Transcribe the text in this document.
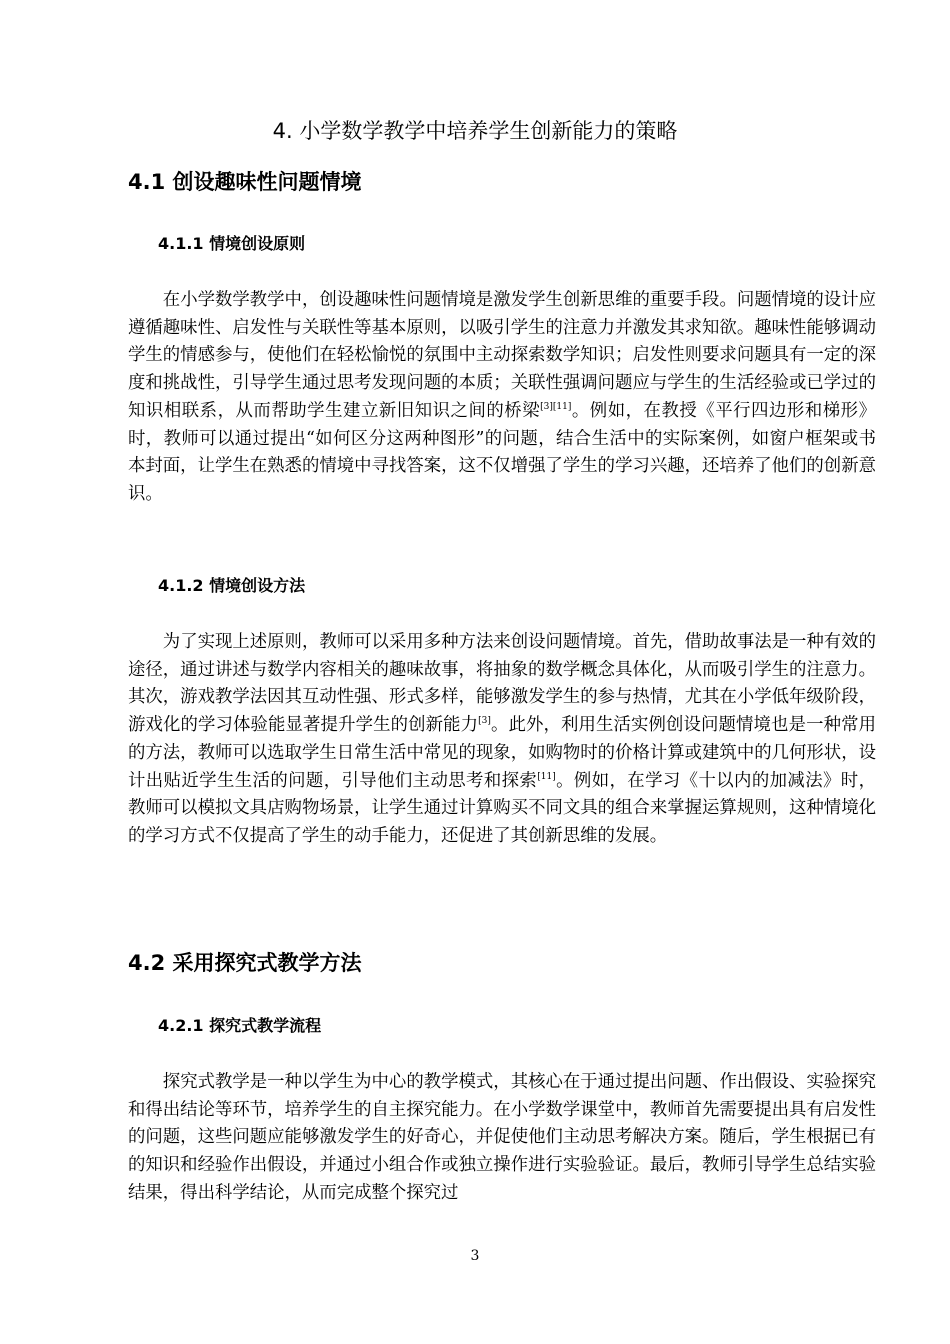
4. 小学数学教学中培养学生创新能力的策略
4.1 创设趣味性问题情境
4.1.1 情境创设原则
在小学数学教学中，创设趣味性问题情境是激发学生创新思维的重要手段。问题情境的设计应遵循趣味性、启发性与关联性等基本原则，以吸引学生的注意力并激发其求知欲。趣味性能够调动学生的情感参与，使他们在轻松愉悦的氛围中主动探索数学知识；启发性则要求问题具有一定的深度和挑战性，引导学生通过思考发现问题的本质；关联性强调问题应与学生的生活经验或已学过的知识相联系，从而帮助学生建立新旧知识之间的桥梁[3][11]。例如，在教授《平行四边形和梯形》时，教师可以通过提出“如何区分这两种图形”的问题，结合生活中的实际案例，如窗户框架或书本封面，让学生在熟悉的情境中寻找答案，这不仅增强了学生的学习兴趣，还培养了他们的创新意识。
4.1.2 情境创设方法
为了实现上述原则，教师可以采用多种方法来创设问题情境。首先，借助故事法是一种有效的途径，通过讲述与数学内容相关的趣味故事，将抽象的数学概念具体化，从而吸引学生的注意力。其次，游戏教学法因其互动性强、形式多样，能够激发学生的参与热情，尤其在小学低年级阶段，游戏化的学习体验能显著提升学生的创新能力[3]。此外，利用生活实例创设问题情境也是一种常用的方法，教师可以选取学生日常生活中常见的现象，如购物时的价格计算或建筑中的几何形状，设计出贴近学生生活的问题，引导他们主动思考和探索[11]。例如，在学习《十以内的加减法》时，教师可以模拟文具店购物场景，让学生通过计算购买不同文具的组合来掌握运算规则，这种情境化的学习方式不仅提高了学生的动手能力，还促进了其创新思维的发展。
4.2 采用探究式教学方法
4.2.1 探究式教学流程
探究式教学是一种以学生为中心的教学模式，其核心在于通过提出问题、作出假设、实验探究和得出结论等环节，培养学生的自主探究能力。在小学数学课堂中，教师首先需要提出具有启发性的问题，这些问题应能够激发学生的好奇心，并促使他们主动思考解决方案。随后，学生根据已有的知识和经验作出假设，并通过小组合作或独立操作进行实验验证。最后，教师引导学生总结实验结果，得出科学结论，从而完成整个探究过
3
